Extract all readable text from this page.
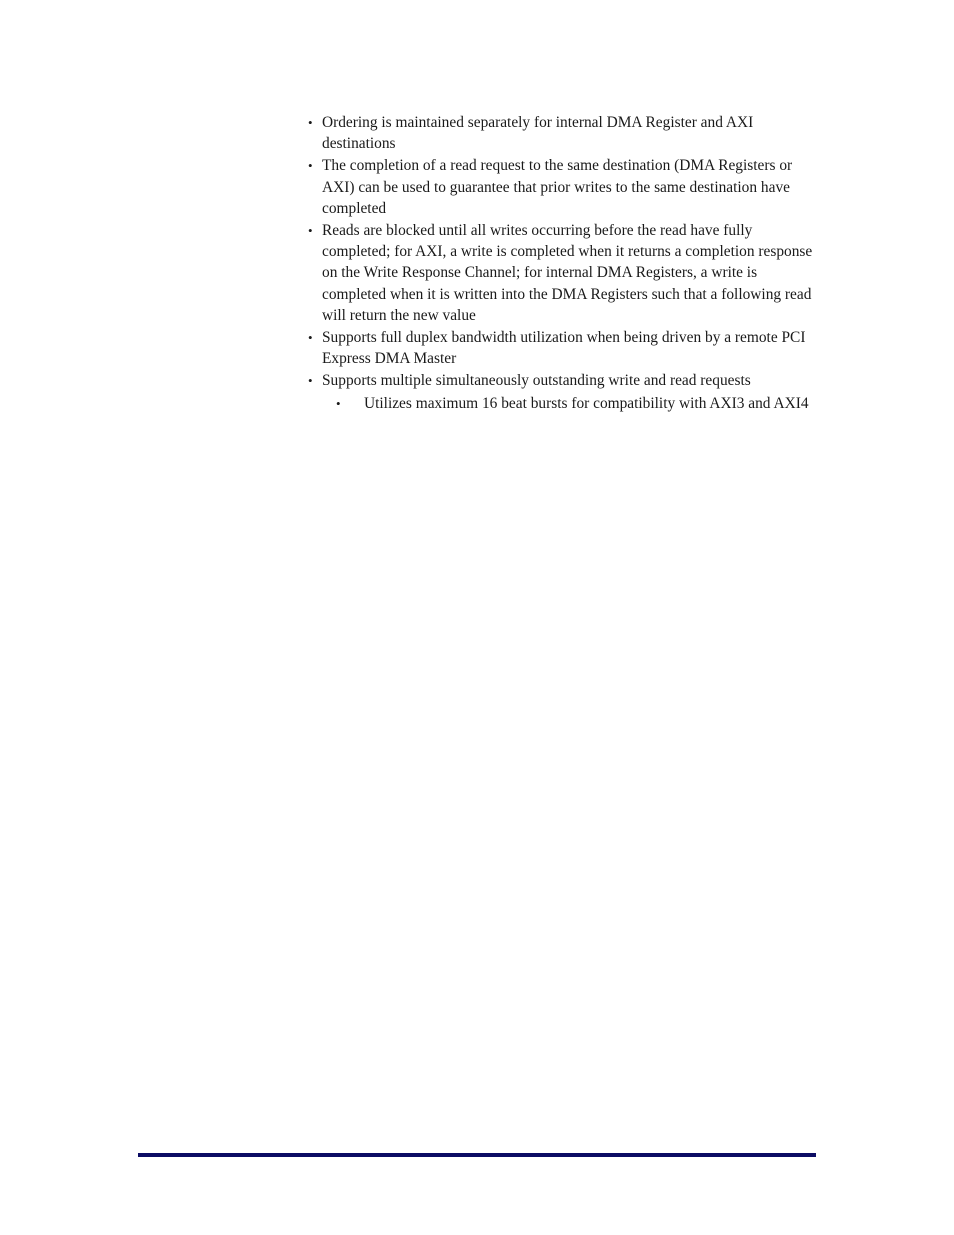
• Ordering is maintained separately for internal DMA Register and AXI destinations
• The completion of a read request to the same destination (DMA Registers or AXI) can be used to guarantee that prior writes to the same destination have completed
• Reads are blocked until all writes occurring before the read have fully completed; for AXI, a write is completed when it returns a completion response on the Write Response Channel; for internal DMA Registers, a write is completed when it is written into the DMA Registers such that a following read will return the new value
• Supports full duplex bandwidth utilization when being driven by a remote PCI Express DMA Master
• Supports multiple simultaneously outstanding write and read requests
• Utilizes maximum 16 beat bursts for compatibility with AXI3 and AXI4
